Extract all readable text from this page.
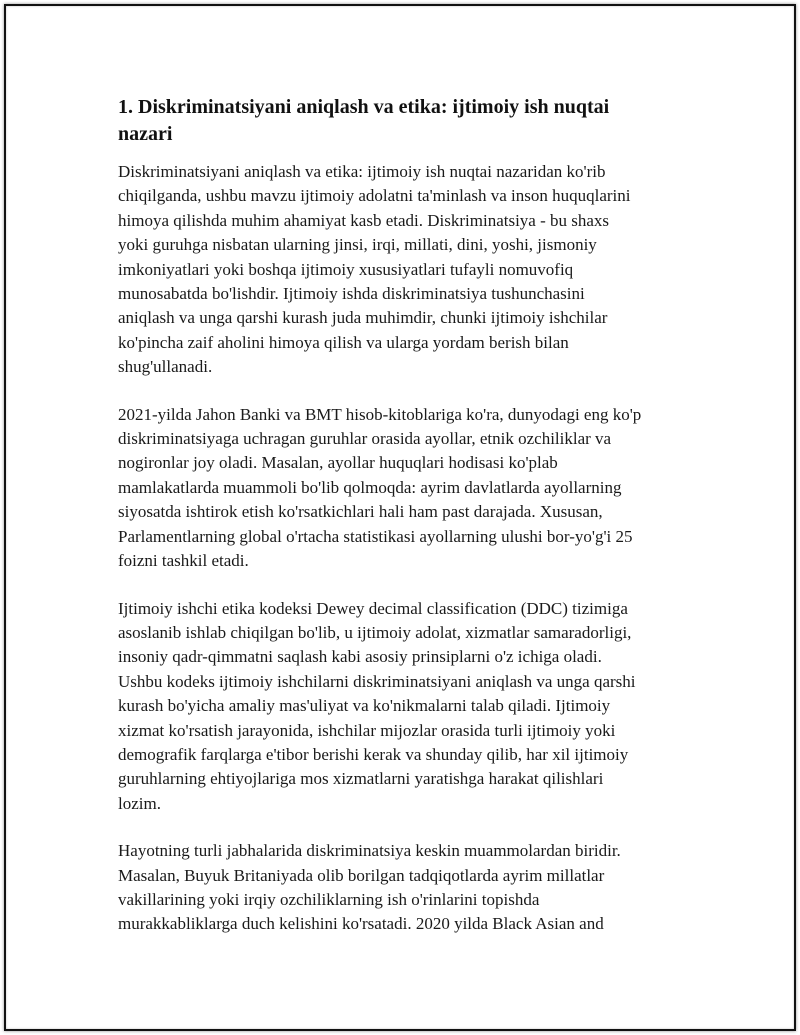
1. Diskriminatsiyani aniqlash va etika: ijtimoiy ish nuqtai
nazari

Diskriminatsiyani aniqlash va etika: ijtimoiy ish nuqtai nazaridan ko'rib
chiqilganda, ushbu mavzu ijtimoiy adolatni ta'minlash va inson huquqlarini
himoya qilishda muhim ahamiyat kasb etadi. Diskriminatsiya - bu shaxs
yoki guruhga nisbatan ularning jinsi, irqi, millati, dini, yoshi, jismoniy
imkoniyatlari yoki boshqa ijtimoiy xususiyatlari tufayli nomuvofiq
munosabatda bo'lishdir. Ijtimoiy ishda diskriminatsiya tushunchasini
aniqlash va unga qarshi kurash juda muhimdir, chunki ijtimoiy ishchilar
ko'pincha zaif aholini himoya qilish va ularga yordam berish bilan
shug'ullanadi.

2021-yilda Jahon Banki va BMT hisob-kitoblariga ko'ra, dunyodagi eng ko'p
diskriminatsiyaga uchragan guruhlar orasida ayollar, etnik ozchiliklar va
nogironlar joy oladi. Masalan, ayollar huquqlari hodisasi ko'plab
mamlakatlarda muammoli bo'lib qolmoqda: ayrim davlatlarda ayollarning
siyosatda ishtirok etish ko'rsatkichlari hali ham past darajada. Xususan,
Parlamentlarning global o'rtacha statistikasi ayollarning ulushi bor-yo'g'i 25
foizni tashkil etadi.

Ijtimoiy ishchi etika kodeksi Dewey decimal classification (DDC) tizimiga
asoslanib ishlab chiqilgan bo'lib, u ijtimoiy adolat, xizmatlar samaradorligi,
insoniy qadr-qimmatni saqlash kabi asosiy prinsiplarni o'z ichiga oladi.
Ushbu kodeks ijtimoiy ishchilarni diskriminatsiyani aniqlash va unga qarshi
kurash bo'yicha amaliy mas'uliyat va ko'nikmalarni talab qiladi. Ijtimoiy
xizmat ko'rsatish jarayonida, ishchilar mijozlar orasida turli ijtimoiy yoki
demografik farqlarga e'tibor berishi kerak va shunday qilib, har xil ijtimoiy
guruhlarning ehtiyojlariga mos xizmatlarni yaratishga harakat qilishlari
lozim.

Hayotning turli jabhalarida diskriminatsiya keskin muammolardan biridir.
Masalan, Buyuk Britaniyada olib borilgan tadqiqotlarda ayrim millatlar
vakillarining yoki irqiy ozchiliklarning ish o'rinlarini topishda
murakkabliklarga duch kelishini ko'rsatadi. 2020 yilda Black Asian and
